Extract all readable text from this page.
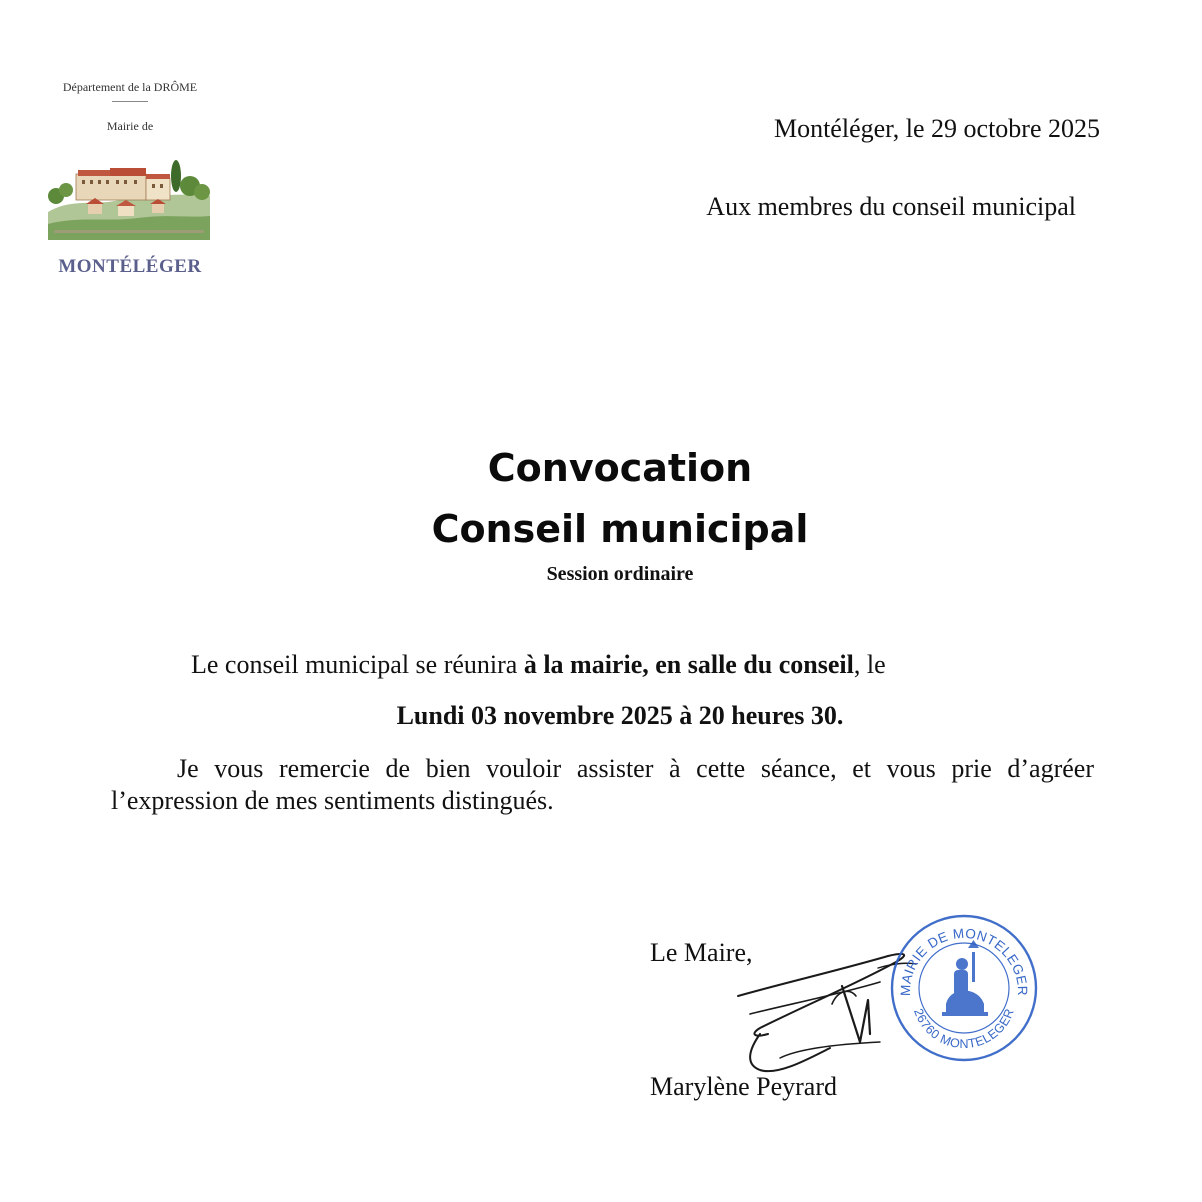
Département de la DRÔME
Mairie de
MONTÉLÉGER
Montéléger, le 29 octobre 2025
Aux membres du conseil municipal
Convocation
Conseil municipal
Session ordinaire
Le conseil municipal se réunira à la mairie, en salle du conseil, le
Lundi 03 novembre 2025 à 20 heures 30.
Je vous remercie de bien vouloir assister à cette séance, et vous prie d’agréer l’expression de mes sentiments distingués.
Le Maire,
MAIRIE DE MONTELEGER
26760 MONTELEGER
Marylène Peyrard
